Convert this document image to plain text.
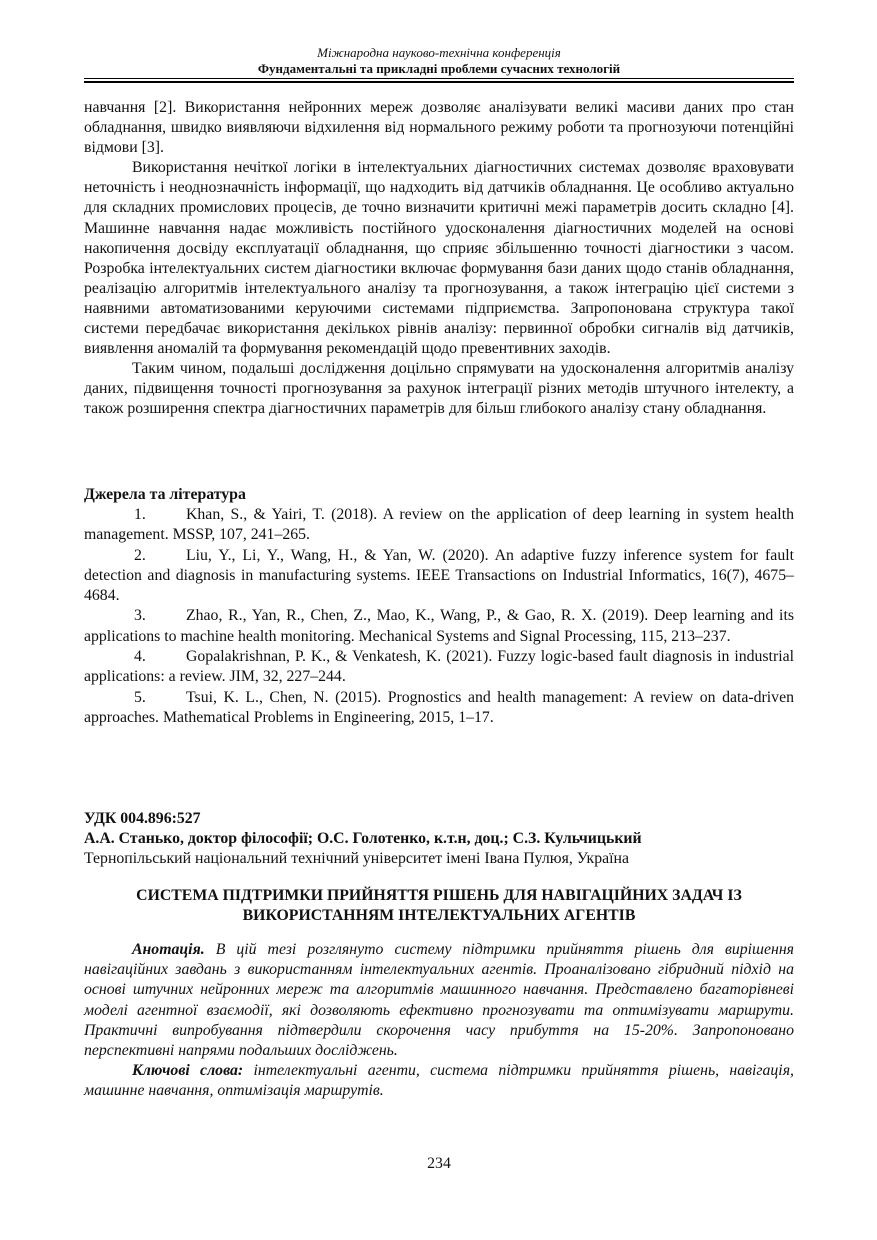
Міжнародна науково-технічна конференція
Фундаментальні та прикладні проблеми сучасних технологій

навчання [2]. Використання нейронних мереж дозволяє аналізувати великі масиви даних про стан обладнання, швидко виявляючи відхилення від нормального режиму роботи та прогнозуючи потенційні відмови [3].

Використання нечіткої логіки в інтелектуальних діагностичних системах дозволяє враховувати неточність і неоднозначність інформації, що надходить від датчиків обладнання. Це особливо актуально для складних промислових процесів, де точно визначити критичні межі параметрів досить складно [4]. Машинне навчання надає можливість постійного удосконалення діагностичних моделей на основі накопичення досвіду експлуатації обладнання, що сприяє збільшенню точності діагностики з часом. Розробка інтелектуальних систем діагностики включає формування бази даних щодо станів обладнання, реалізацію алгоритмів інтелектуального аналізу та прогнозування, а також інтеграцію цієї системи з наявними автоматизованими керуючими системами підприємства. Запропонована структура такої системи передбачає використання декількох рівнів аналізу: первинної обробки сигналів від датчиків, виявлення аномалій та формування рекомендацій щодо превентивних заходів.

Таким чином, подальші дослідження доцільно спрямувати на удосконалення алгоритмів аналізу даних, підвищення точності прогнозування за рахунок інтеграції різних методів штучного інтелекту, а також розширення спектра діагностичних параметрів для більш глибокого аналізу стану обладнання.

Джерела та література

1.	Khan, S., & Yairi, T. (2018). A review on the application of deep learning in system health management. MSSP, 107, 241–265.

2.	Liu, Y., Li, Y., Wang, H., & Yan, W. (2020). An adaptive fuzzy inference system for fault detection and diagnosis in manufacturing systems. IEEE Transactions on Industrial Informatics, 16(7), 4675–4684.

3.	Zhao, R., Yan, R., Chen, Z., Mao, K., Wang, P., & Gao, R. X. (2019). Deep learning and its applications to machine health monitoring. Mechanical Systems and Signal Processing, 115, 213–237.

4.	Gopalakrishnan, P. K., & Venkatesh, K. (2021). Fuzzy logic-based fault diagnosis in industrial applications: a review. JIM, 32, 227–244.

5.	Tsui, K. L., Chen, N. (2015). Prognostics and health management: A review on data-driven approaches. Mathematical Problems in Engineering, 2015, 1–17.

УДК 004.896:527
А.А. Станько, доктор філософії; О.С. Голотенко, к.т.н, доц.; С.З. Кульчицький
Тернопільський національний технічний університет імені Івана Пулюя, Україна
СИСТЕМА ПІДТРИМКИ ПРИЙНЯТТЯ РІШЕНЬ ДЛЯ НАВІГАЦІЙНИХ ЗАДАЧ ІЗ
ВИКОРИСТАННЯМ ІНТЕЛЕКТУАЛЬНИХ АГЕНТІВ

Анотація. В цій тезі розглянуто систему підтримки прийняття рішень для вирішення навігаційних завдань з використанням інтелектуальних агентів. Проаналізовано гібридний підхід на основі штучних нейронних мереж та алгоритмів машинного навчання. Представлено багаторівневі моделі агентної взаємодії, які дозволяють ефективно прогнозувати та оптимізувати маршрути. Практичні випробування підтвердили скорочення часу прибуття на 15-20%. Запропоновано перспективні напрями подальших досліджень.

Ключові слова: інтелектуальні агенти, система підтримки прийняття рішень, навігація, машинне навчання, оптимізація маршрутів.

234
